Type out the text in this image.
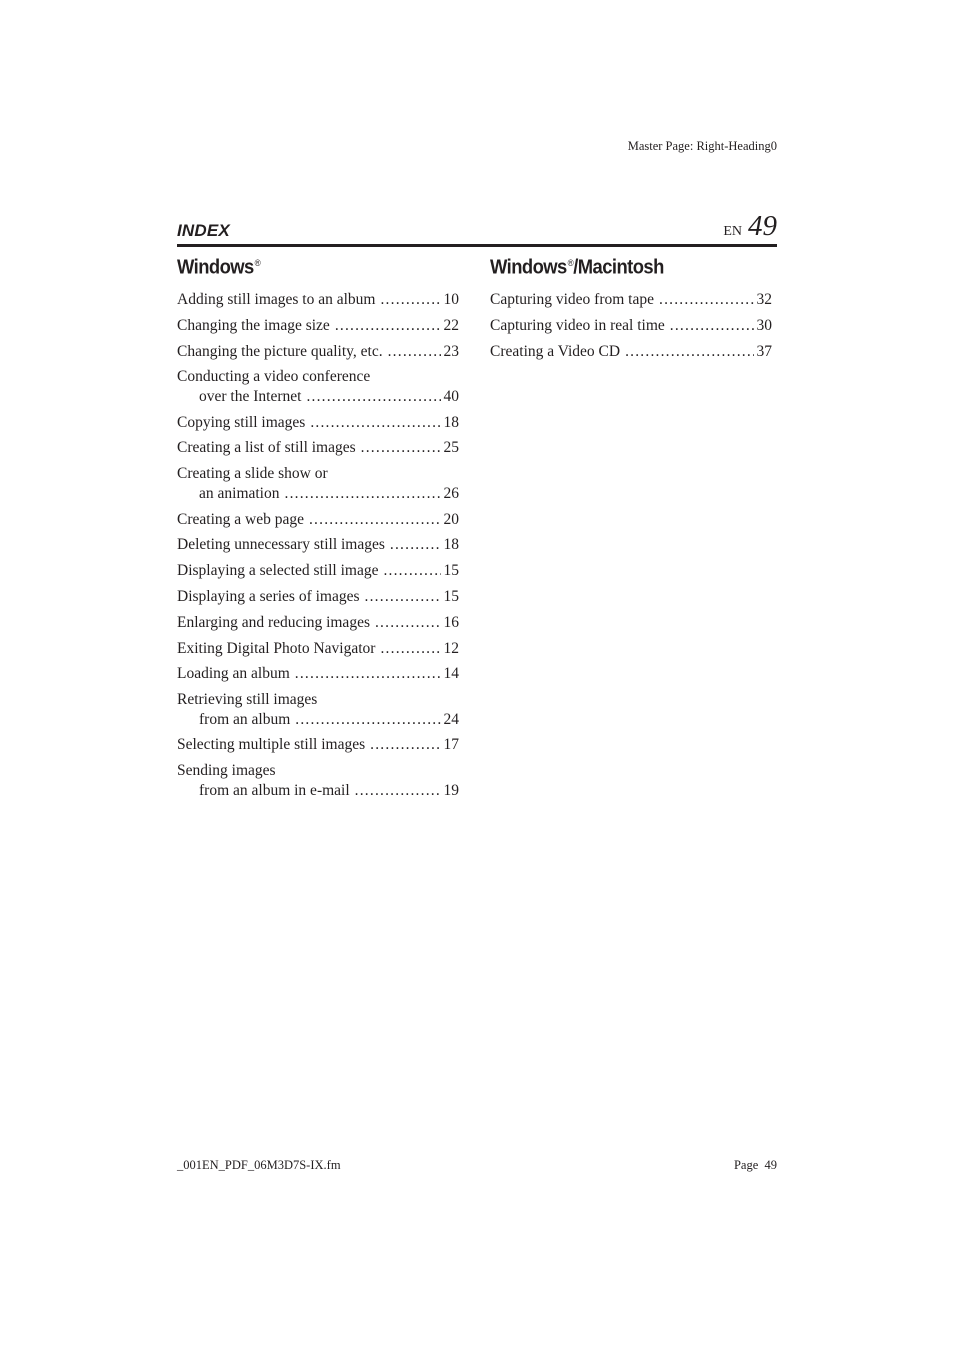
Master Page: Right-Heading0
INDEX	EN 49
Windows®
Adding still images to an album .....	10
Changing the image size .....	22
Changing the picture quality, etc. .....	23
Conducting a video conference
over the Internet .....	40
Copying still images .....	18
Creating a list of still images .....	25
Creating a slide show or
an animation .....	26
Creating a web page .....	20
Deleting unnecessary still images .....	18
Displaying a selected still image .....	15
Displaying a series of images .....	15
Enlarging and reducing images .....	16
Exiting Digital Photo Navigator .....	12
Loading an album .....	14
Retrieving still images
from an album .....	24
Selecting multiple still images .....	17
Sending images
from an album in e-mail .....	19
Windows®/Macintosh
Capturing video from tape .....	32
Capturing video in real time .....	30
Creating a Video CD .....	37
_001EN_PDF_06M3D7S-IX.fm	Page 49
